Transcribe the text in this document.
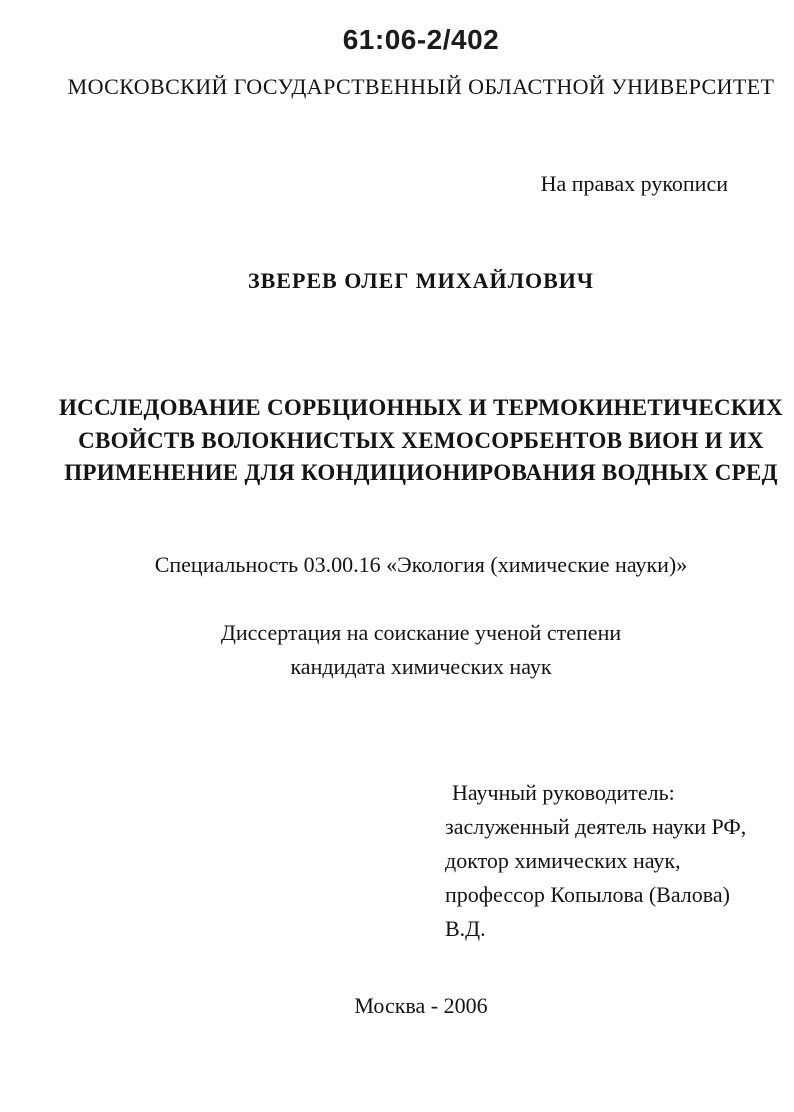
61:06-2/402
МОСКОВСКИЙ ГОСУДАРСТВЕННЫЙ ОБЛАСТНОЙ УНИВЕРСИТЕТ
На правах рукописи
ЗВЕРЕВ ОЛЕГ МИХАЙЛОВИЧ
ИССЛЕДОВАНИЕ СОРБЦИОННЫХ И ТЕРМОКИНЕТИЧЕСКИХ
СВОЙСТВ ВОЛОКНИСТЫХ ХЕМОСОРБЕНТОВ ВИОН И ИХ
ПРИМЕНЕНИЕ ДЛЯ КОНДИЦИОНИРОВАНИЯ ВОДНЫХ СРЕД
Специальность 03.00.16 «Экология (химические науки)»
Диссертация на соискание ученой степени
кандидата химических наук
Научный руководитель:
заслуженный деятель науки РФ,
доктор химических наук,
профессор Копылова (Валова) В.Д.
Москва - 2006
